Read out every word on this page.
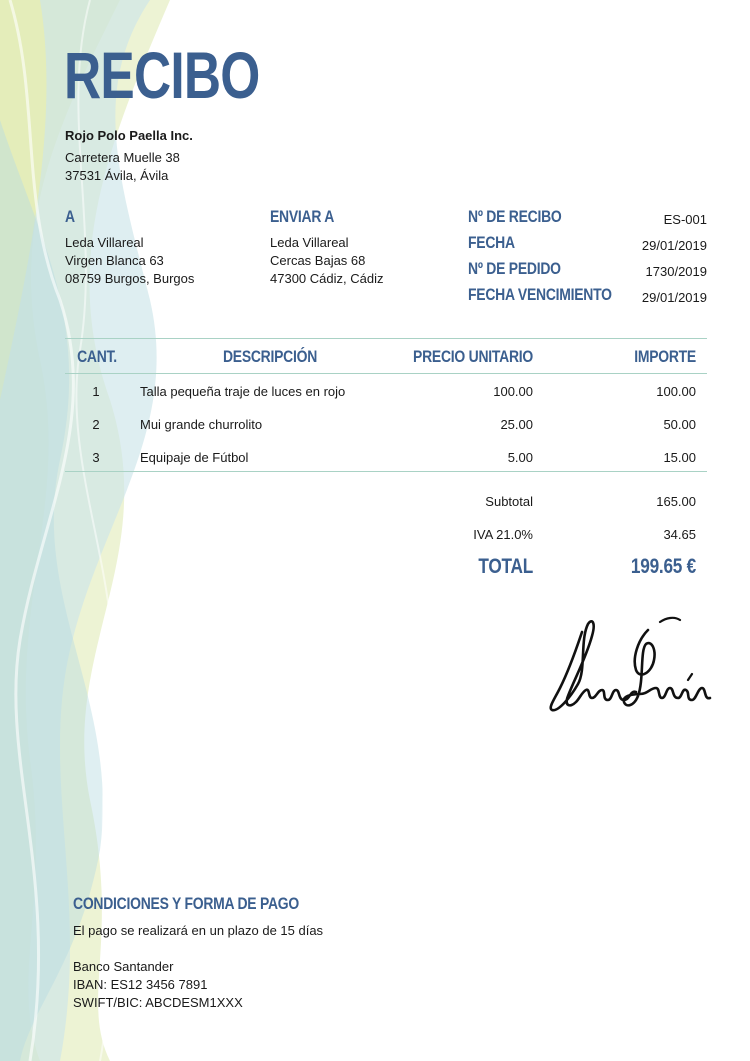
RECIBO
Rojo Polo Paella Inc.
Carretera Muelle 38
37531 Ávila, Ávila
A
Leda Villareal
Virgen Blanca 63
08759 Burgos, Burgos
ENVIAR A
Leda Villareal
Cercas Bajas 68
47300 Cádiz, Cádiz
Nº DE RECIBO	ES-001
FECHA	29/01/2019
Nº DE PEDIDO	1730/2019
FECHA VENCIMIENTO	29/01/2019
CANT.	DESCRIPCIÓN	PRECIO UNITARIO	IMPORTE
1	Talla pequeña traje de luces en rojo	100.00	100.00
2	Mui grande churrolito	25.00	50.00
3	Equipaje de Fútbol	5.00	15.00
Subtotal	165.00
IVA 21.0%	34.65
TOTAL	199.65 €
CONDICIONES Y FORMA DE PAGO
El pago se realizará en un plazo de 15 días
Banco Santander
IBAN: ES12 3456 7891
SWIFT/BIC: ABCDESM1XXX
